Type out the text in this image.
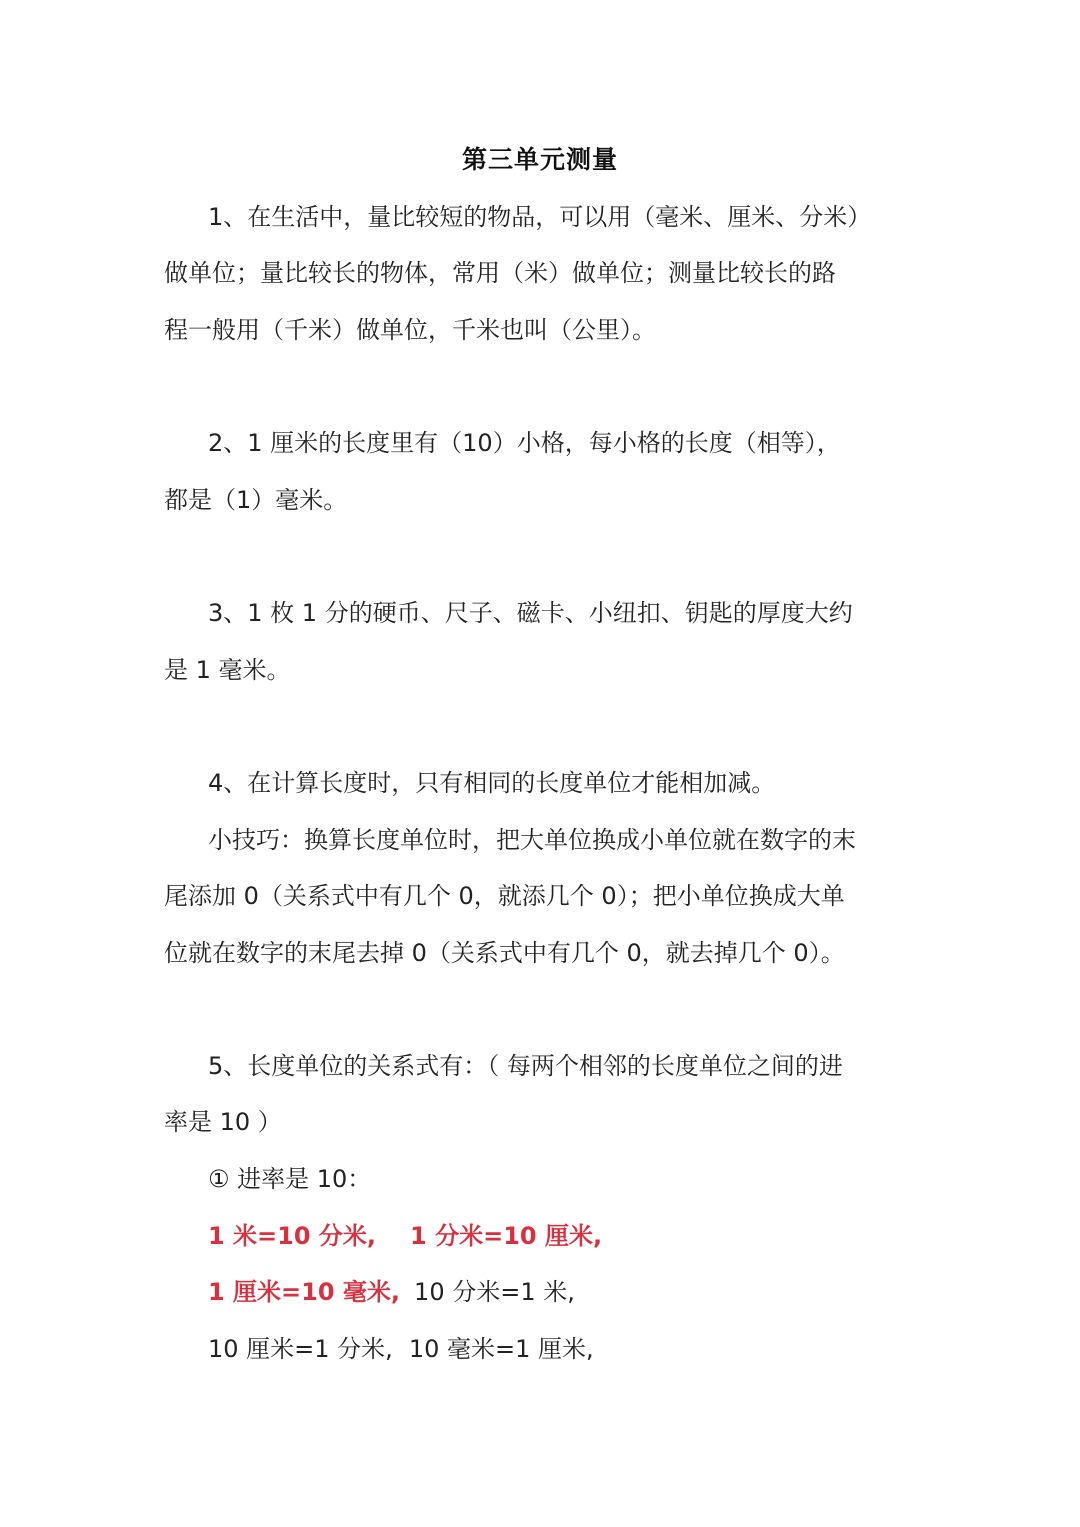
第三单元测量
1、在生活中，量比较短的物品，可以用（毫米、厘米、分米）
做单位；量比较长的物体，常用（米）做单位；测量比较长的路
程一般用（千米）做单位，千米也叫（公里）。
2、1 厘米的长度里有（10）小格，每小格的长度（相等），
都是（1）毫米。
3、1 枚 1 分的硬币、尺子、磁卡、小纽扣、钥匙的厚度大约
是 1 毫米。
4、在计算长度时，只有相同的长度单位才能相加减。
小技巧：换算长度单位时，把大单位换成小单位就在数字的末
尾添加 0（关系式中有几个 0，就添几个 0）；把小单位换成大单
位就在数字的末尾去掉 0（关系式中有几个 0，就去掉几个 0）。
5、长度单位的关系式有：（ 每两个相邻的长度单位之间的进
率是 10 ）
① 进率是 10：
1 米=10 分米, 1 分米=10 厘米,
1 厘米=10 毫米, 10 分米=1 米,
10 厘米=1 分米, 10 毫米=1 厘米,
